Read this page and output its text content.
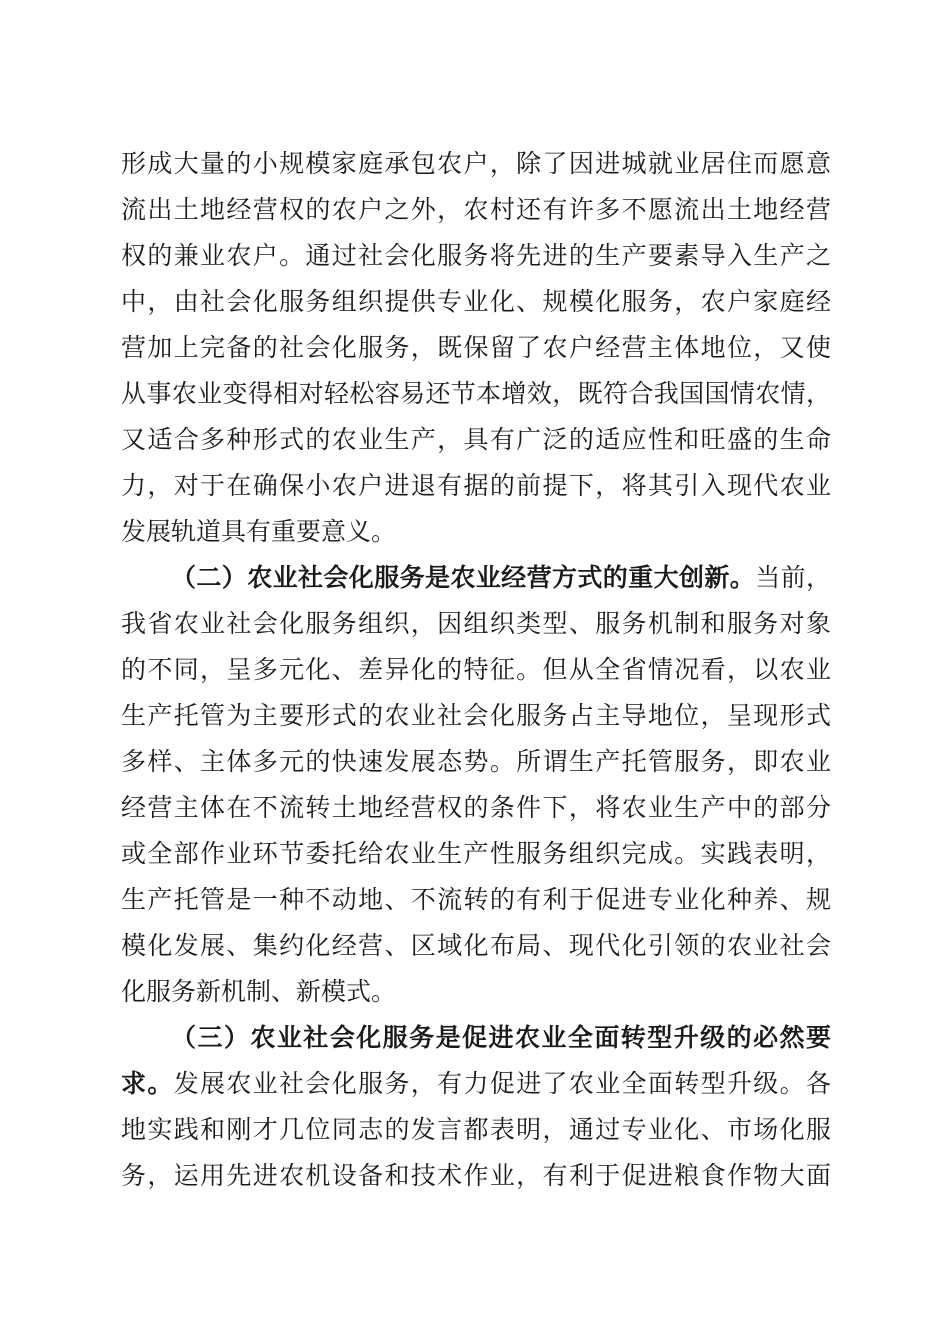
形成大量的小规模家庭承包农户，除了因进城就业居住而愿意
流出土地经营权的农户之外，农村还有许多不愿流出土地经营
权的兼业农户。通过社会化服务将先进的生产要素导入生产之
中，由社会化服务组织提供专业化、规模化服务，农户家庭经
营加上完备的社会化服务，既保留了农户经营主体地位，又使
从事农业变得相对轻松容易还节本增效，既符合我国国情农情，
又适合多种形式的农业生产，具有广泛的适应性和旺盛的生命
力，对于在确保小农户进退有据的前提下，将其引入现代农业
发展轨道具有重要意义。
（二）农业社会化服务是农业经营方式的重大创新。当前，
我省农业社会化服务组织，因组织类型、服务机制和服务对象
的不同，呈多元化、差异化的特征。但从全省情况看，以农业
生产托管为主要形式的农业社会化服务占主导地位，呈现形式
多样、主体多元的快速发展态势。所谓生产托管服务，即农业
经营主体在不流转土地经营权的条件下，将农业生产中的部分
或全部作业环节委托给农业生产性服务组织完成。实践表明，
生产托管是一种不动地、不流转的有利于促进专业化种养、规
模化发展、集约化经营、区域化布局、现代化引领的农业社会
化服务新机制、新模式。
（三）农业社会化服务是促进农业全面转型升级的必然要
求。发展农业社会化服务，有力促进了农业全面转型升级。各
地实践和刚才几位同志的发言都表明，通过专业化、市场化服
务，运用先进农机设备和技术作业，有利于促进粮食作物大面
